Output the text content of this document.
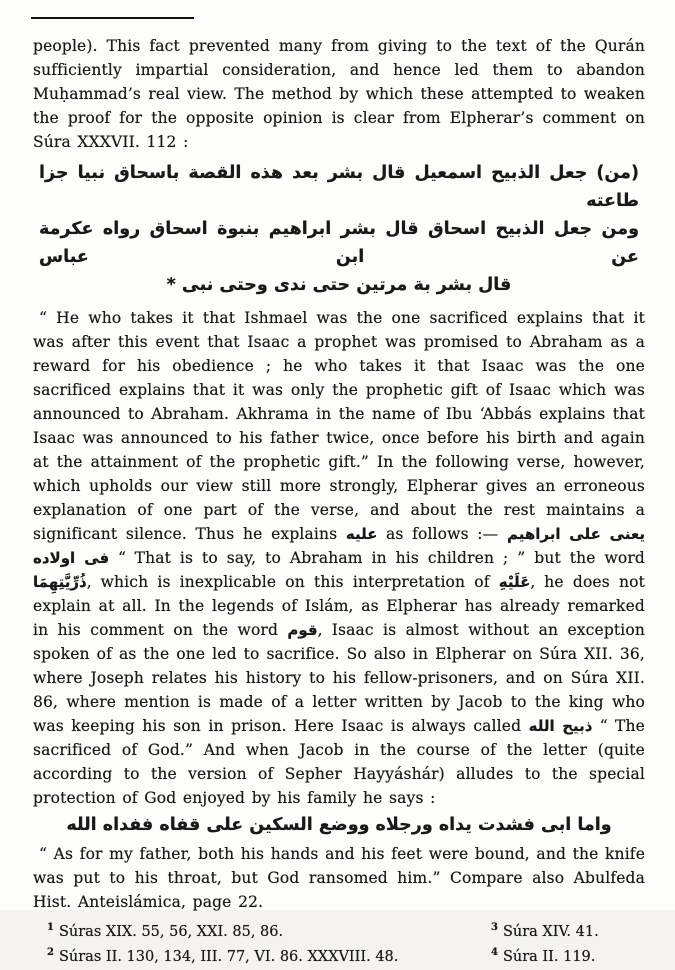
people). This fact prevented many from giving to the text of the Qurán sufficiently impartial consideration, and hence led them to abandon Muḥammad’s real view. The method by which these attempted to weaken the proof for the opposite opinion is clear from Elpherar’s comment on Súra XXXVII. 112 :

(من) جعل الذبيح اسمعيل قال بشر بعد هذه القصة باسحاق نبيا جزا طاعته
ومن جعل الذبيح اسحاق قال بشر ابراهيم بنبوة اسحاق رواه عكرمة عن ابن عباس
قال بشر بة مرتين حتى ندى وحتى نبى *

“ He who takes it that Ishmael was the one sacrificed explains that it was after this event that Isaac a prophet was promised to Abraham as a reward for his obedience ; he who takes it that Isaac was the one sacrificed explains that it was only the prophetic gift of Isaac which was announced to Abraham. Akhrama in the name of Ibu ‘Abbás explains that Isaac was announced to his father twice, once before his birth and again at the attainment of the prophetic gift.” In the following verse, however, which upholds our view still more strongly, Elpherar gives an erroneous explanation of one part of the verse, and about the rest maintains a significant silence. Thus he explains عليه as follows :— يعنى على ابراهيم فى اولاده “ That is to say, to Abraham in his children ; ” but the word ذُرِّيَّتِهِمَا, which is inexplicable on this interpretation of عَلَيْهِ, he does not explain at all. In the legends of Islám, as Elpherar has already remarked in his comment on the word قوم, Isaac is almost without an exception spoken of as the one led to sacrifice. So also in Elpherar on Súra XII. 36, where Joseph relates his history to his fellow-prisoners, and on Súra XII. 86, where mention is made of a letter written by Jacob to the king who was keeping his son in prison. Here Isaac is always called ذبيح الله “ The sacrificed of God.” And when Jacob in the course of the letter (quite according to the version of Sepher Hayyáshár) alludes to the special protection of God enjoyed by his family he says :

واما ابى فشدت يداه ورجلاه ووضع السكين على قفاه ففداه الله

“ As for my father, both his hands and his feet were bound, and the knife was put to his throat, but God ransomed him.” Compare also Abulfeda Hist. Anteislámica, page 22.

$^1$ Súras XIX. 55, 56, XXI. 85, 86.	$^3$ Súra XIV. 41.
$^2$ Súras II. 130, 134, III. 77, VI. 86. XXXVIII. 48.	$^4$ Súra II. 119.
